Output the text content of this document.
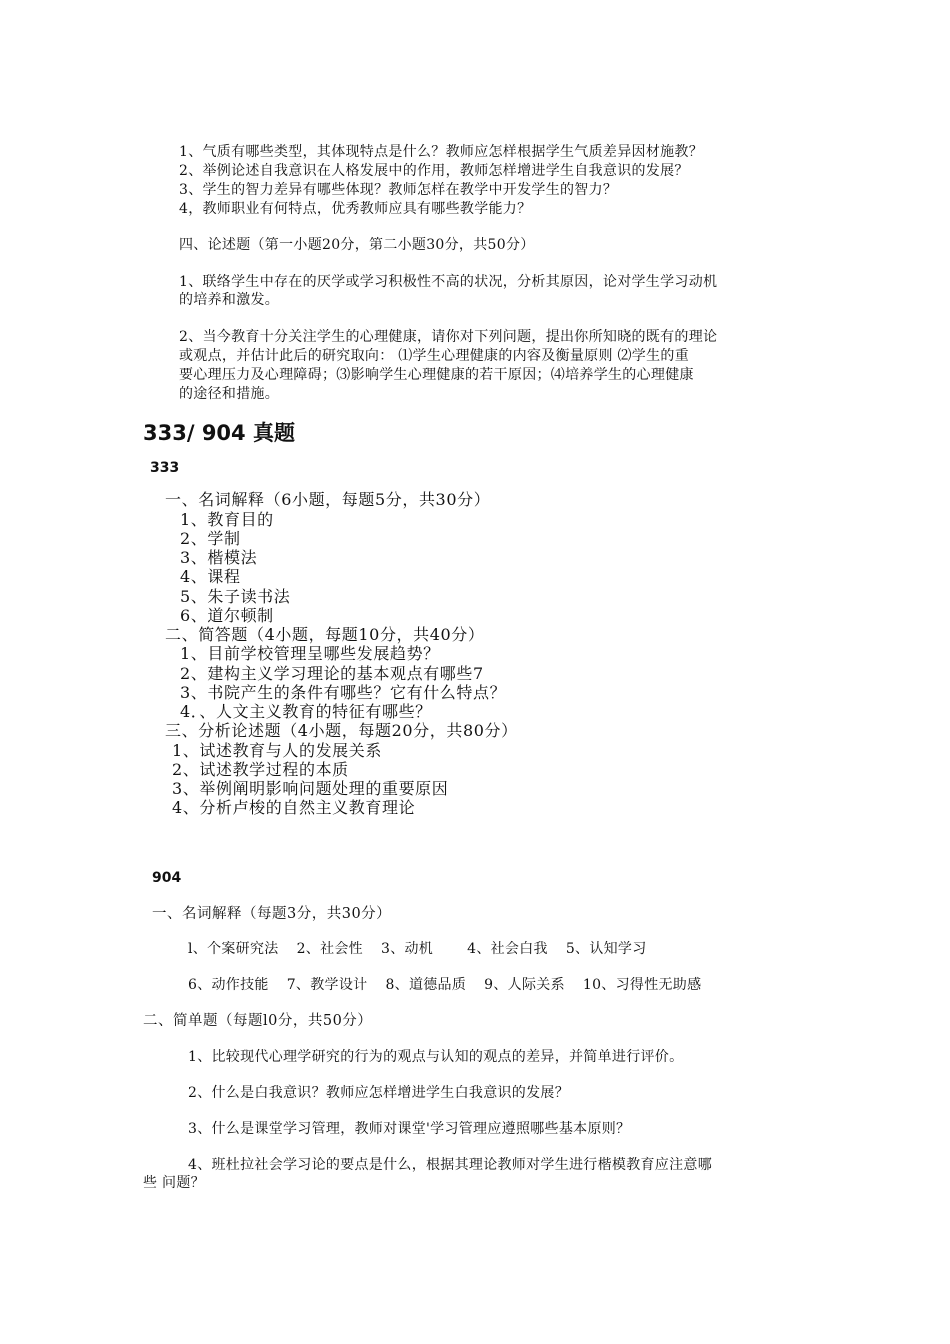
1、气质有哪些类型，其体现特点是什么？教师应怎样根据学生气质差异因材施教？
2、举例论述自我意识在人格发展中的作用，教师怎样增进学生自我意识的发展？
3、学生的智力差异有哪些体现？教师怎样在教学中开发学生的智力？
4，教师职业有何特点，优秀教师应具有哪些教学能力？
四、论述题（第一小题20分，第二小题30分，共50分）
1、联络学生中存在的厌学或学习积极性不高的状况，分析其原因，论对学生学习动机
的培养和激发。
2、当今教育十分关注学生的心理健康，请你对下列问题，提出你所知晓的既有的理论
或观点，并估计此后的研究取向： ⑴学生心理健康的内容及衡量原则 ⑵学生的重
要心理压力及心理障碍；⑶影响学生心理健康的若干原因；⑷培养学生的心理健康
的途径和措施。
333/ 904 真题
333
一、名词解释（6小题，每题5分，共30分）
1、教育目的
2、学制
3、楷模法
4、课程
5、朱子读书法
6、道尔顿制
二、简答题（4小题，每题10分，共40分）
1、目前学校管理呈哪些发展趋势？
2、建构主义学习理论的基本观点有哪些7
3、书院产生的条件有哪些？它有什么特点？
4．、人文主义教育的特征有哪些？
三、分析论述题（4小题，每题20分，共80分）
1、试述教育与人的发展关系
2、试述教学过程的本质
3、举例阐明影响问题处理的重要原因
4、分析卢梭的自然主义教育理论
904
一、名词解释（每题3分，共30分）
l、个案研究法 2、社会性 3、动机 4、社会白我 5、认知学习
6、动作技能 7、教学设计 8、道德品质 9、人际关系 10、习得性无助感
二、简单题（每题l0分，共50分）
1、比较现代心理学研究的行为的观点与认知的观点的差异，并简单进行评价。
2、什么是白我意识？教师应怎样增进学生白我意识的发展？
3、什么是课堂学习管理，教师对课堂'学习管理应遵照哪些基本原则？
4、班杜拉社会学习论的要点是什么，根据其理论教师对学生进行楷模教育应注意哪
些 问题？
